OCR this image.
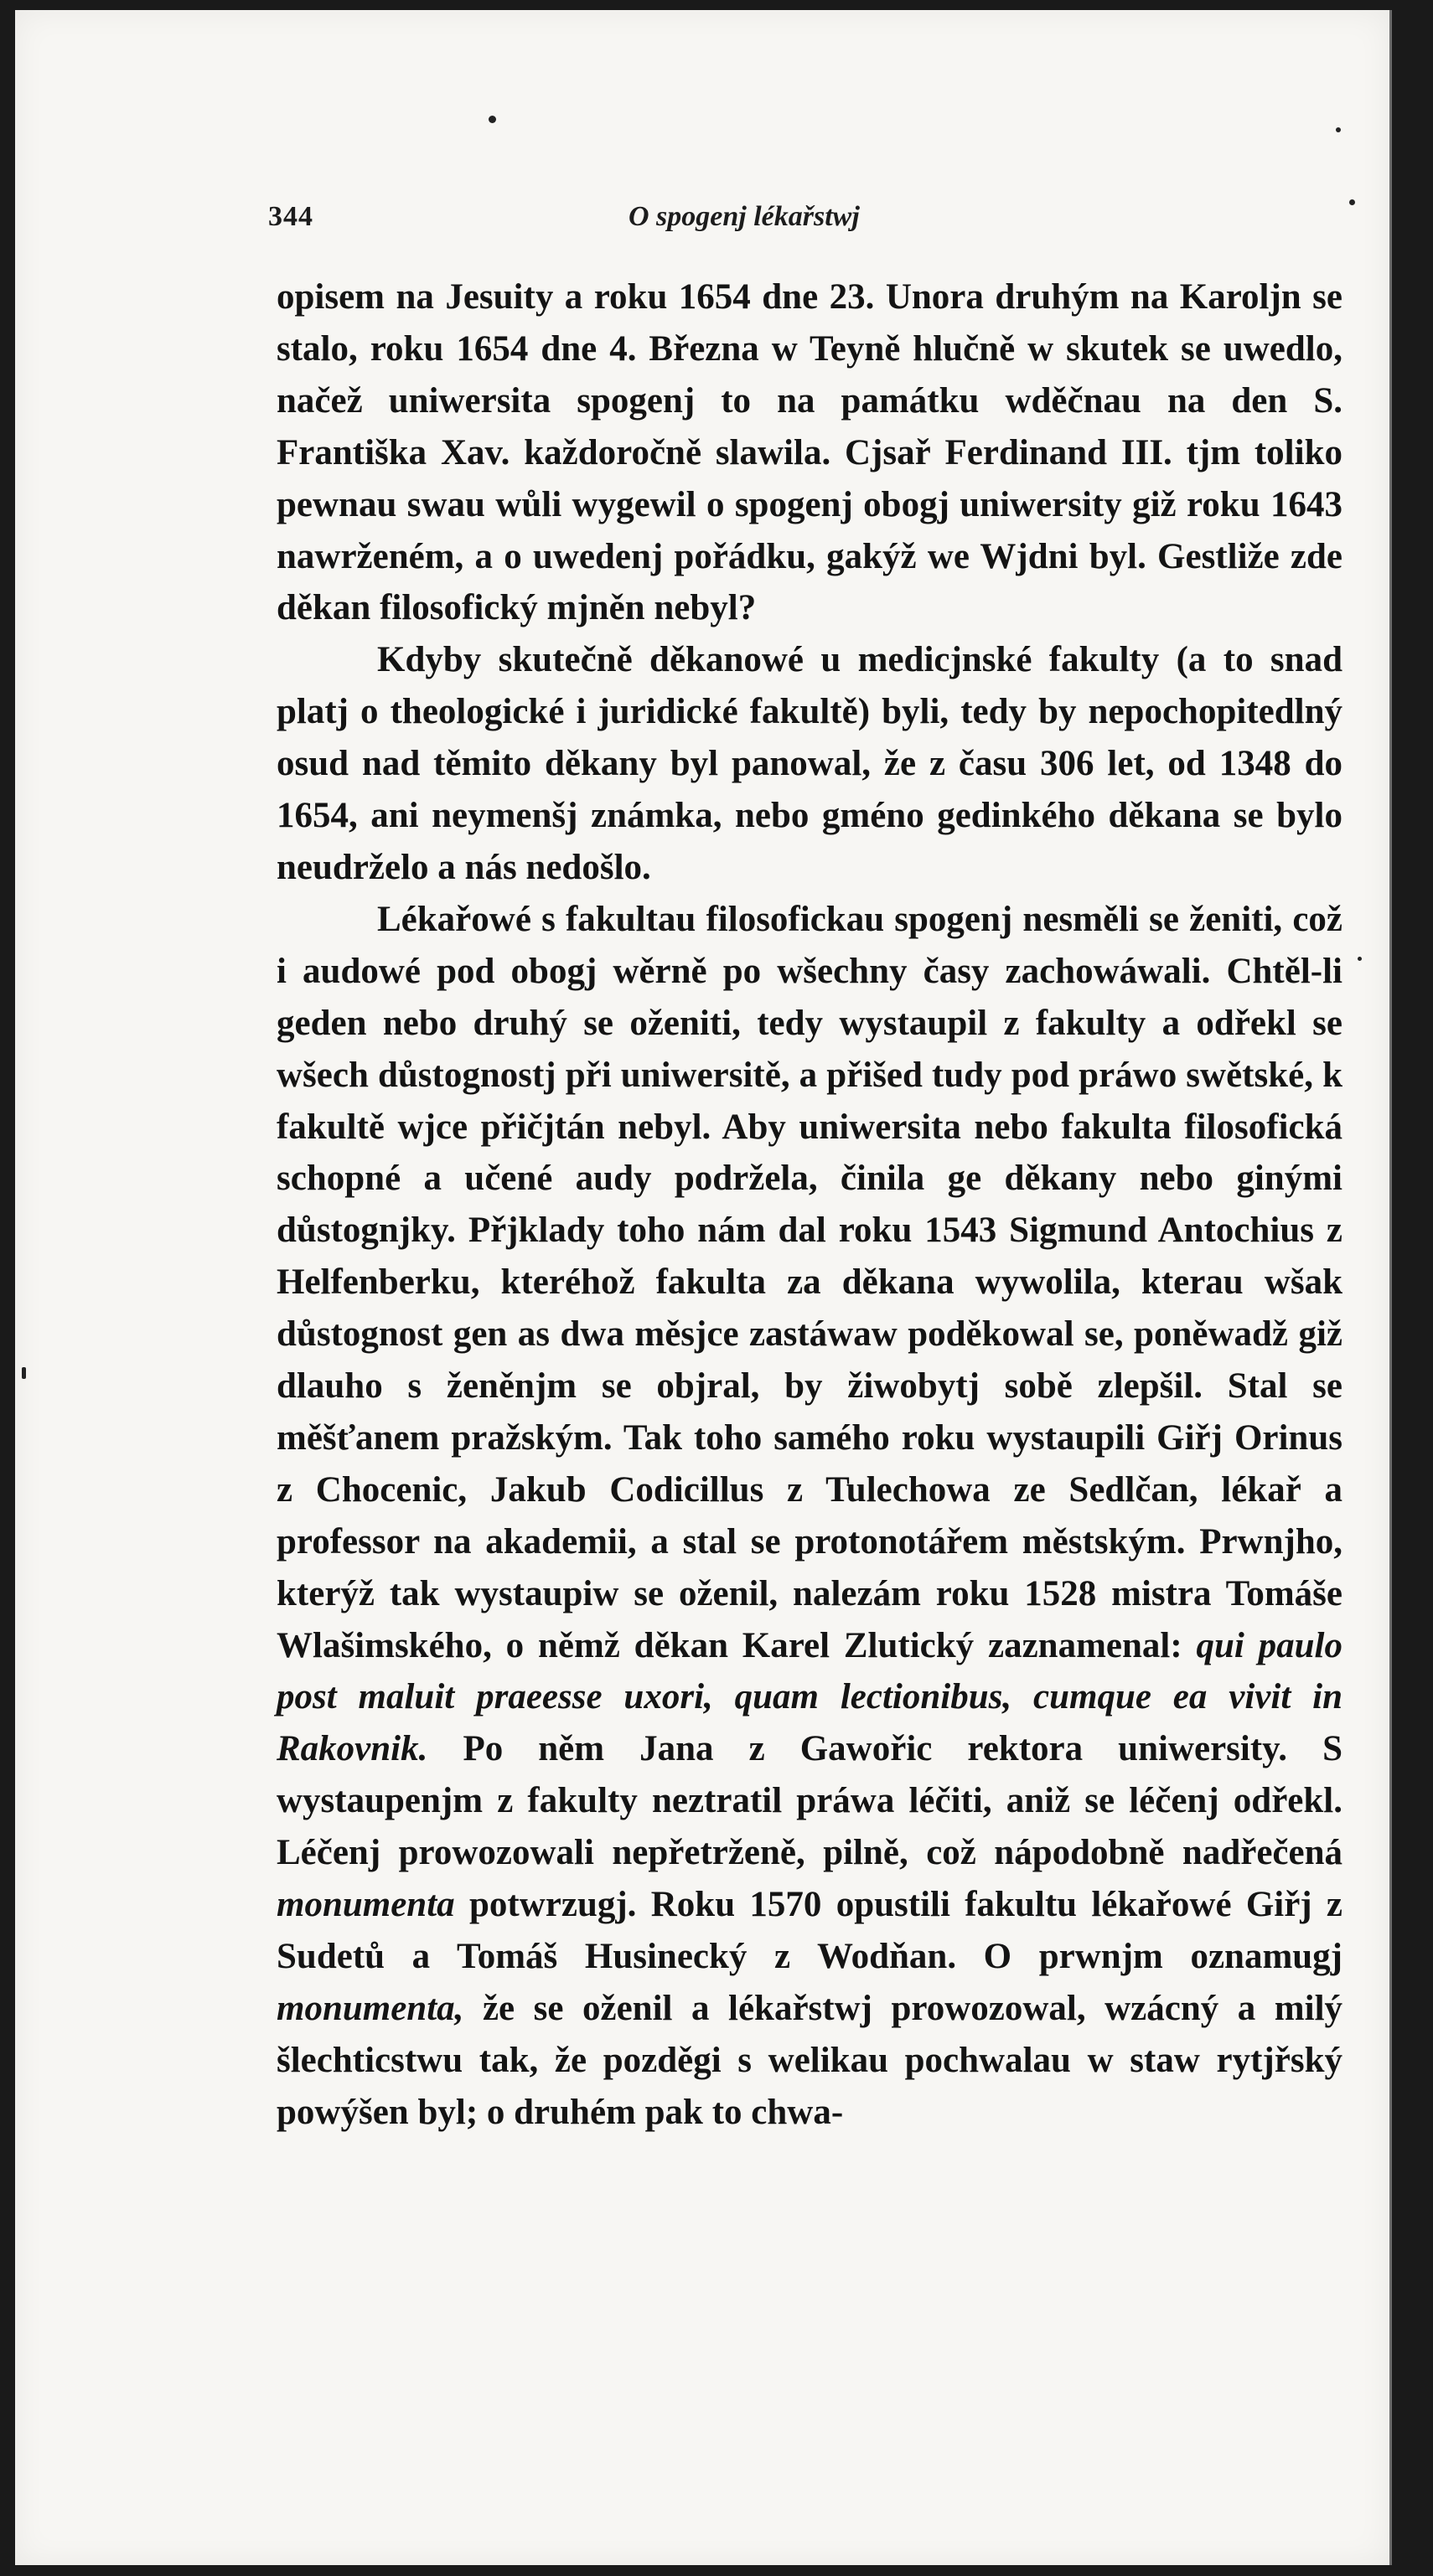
344	O spogenj lékařstwj

opisem na Jesuity a roku 1654 dne 23. Unora druhým na Karoljn se stalo, roku 1654 dne 4. Března w Teyně hlučně w skutek se uwedlo, načež uniwersita spogenj to na památku wděčnau na den S. Františka Xav. každoročně slawila. Cjsař Ferdinand III. tjm toliko pewnau swau wůli wygewil o spogenj obogj uniwersity giž roku 1643 nawrženém, a o uwedenj pořádku, gakýž we Wjdni byl. Gestliže zde děkan filosofický mjněn nebyl?

Kdyby skutečně děkanowé u medicjnské fakulty (a to snad platj o theologické i juridické fakultě) byli, tedy by nepochopitedlný osud nad těmito děkany byl panowal, že z času 306 let, od 1348 do 1654, ani neymenšj známka, nebo gméno gedinkého děkana se bylo neudrželo a nás nedošlo.

Lékařowé s fakultau filosofickau spogenj nesměli se ženiti, což i audowé pod obogj wěrně po wšechny časy zachowáwali. Chtěl-li geden nebo druhý se oženiti, tedy wystaupil z fakulty a odřekl se wšech důstognostj při uniwersitě, a přišed tudy pod práwo swětské, k fakultě wjce přičjtán nebyl. Aby uniwersita nebo fakulta filosofická schopné a učené audy podržela, činila ge děkany nebo ginými důstognjky. Přjklady toho nám dal roku 1543 Sigmund Antochius z Helfenberku, kteréhož fakulta za děkana wywolila, kterau wšak důstognost gen as dwa měsjce zastáwaw poděkowal se, poněwadž giž dlauho s ženěnjm se objral, by žiwobytj sobě zlepšil. Stal se měšťanem pražským. Tak toho samého roku wystaupili Giřj Orinus z Chocenic, Jakub Codicillus z Tulechowa ze Sedlčan, lékař a professor na akademii, a stal se protonotářem městským. Prwnjho, kterýž tak wystaupiw se oženil, nalezám roku 1528 mistra Tomáše Wlašimského, o němž děkan Karel Zlutický zaznamenal: qui paulo post maluit praeesse uxori, quam lectionibus, cumque ea vivit in Rakovnik. Po něm Jana z Gawořic rektora uniwersity. S wystaupenjm z fakulty neztratil práwa léčiti, aniž se léčenj odřekl. Léčenj prowozowali nepřetrženě, pilně, což nápodobně nadřečená monumenta potwrzugj. Roku 1570 opustili fakultu lékařowé Giřj z Sudetů a Tomáš Husinecký z Wodňan. O prwnjm oznamugj monumenta, že se oženil a lékařstwj prowozowal, wzácný a milý šlechticstwu tak, že pozděgi s welikau pochwalau w staw rytjřský powýšen byl; o druhém pak to chwa-
